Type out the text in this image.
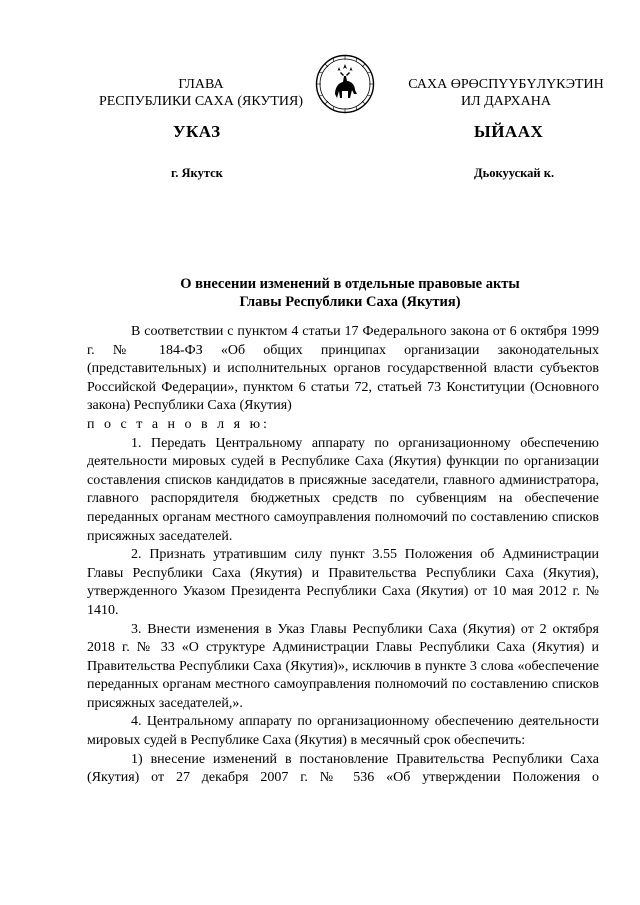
ГЛАВА
РЕСПУБЛИКИ САХА (ЯКУТИЯ)
САХА ӨРӨСПҮҮБҮЛҮКЭТИН
ИЛ ДАРХАНА
УКАЗ	ЫЙААХ
г. Якутск	Дьокуускай к.
О внесении изменений в отдельные правовые акты
Главы Республики Саха (Якутия)

В соответствии с пунктом 4 статьи 17 Федерального закона от 6 октября 1999 г. № 184-ФЗ «Об общих принципах организации законодательных (представительных) и исполнительных органов государственной власти субъектов Российской Федерации», пунктом 6 статьи 72, статьей 73 Конституции (Основного закона) Республики Саха (Якутия)

п о с т а н о в л я ю:

1. Передать Центральному аппарату по организационному обеспечению деятельности мировых судей в Республике Саха (Якутия) функции по организации составления списков кандидатов в присяжные заседатели, главного администратора, главного распорядителя бюджетных средств по субвенциям на обеспечение переданных органам местного самоуправления полномочий по составлению списков присяжных заседателей.

2. Признать утратившим силу пункт 3.55 Положения об Администрации Главы Республики Саха (Якутия) и Правительства Республики Саха (Якутия), утвержденного Указом Президента Республики Саха (Якутия) от 10 мая 2012 г. № 1410.

3. Внести изменения в Указ Главы Республики Саха (Якутия) от 2 октября 2018 г. № 33 «О структуре Администрации Главы Республики Саха (Якутия) и Правительства Республики Саха (Якутия)», исключив в пункте 3 слова «обеспечение переданных органам местного самоуправления полномочий по составлению списков присяжных заседателей,».

4. Центральному аппарату по организационному обеспечению деятельности мировых судей в Республике Саха (Якутия) в месячный срок обеспечить:

1) внесение изменений в постановление Правительства Республики Саха (Якутия) от 27 декабря 2007 г. № 536 «Об утверждении Положения о
